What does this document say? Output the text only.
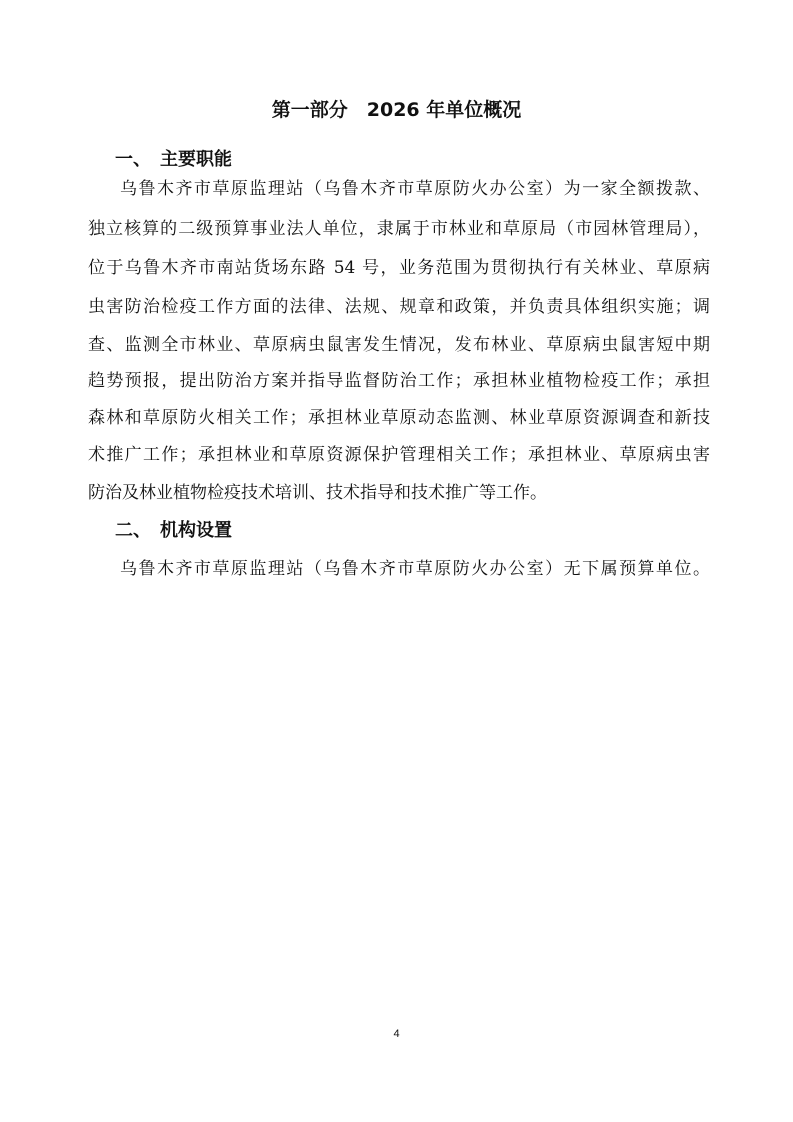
第一部分　2026 年单位概况
一、　主要职能
乌鲁木齐市草原监理站（乌鲁木齐市草原防火办公室）为一家全额拨款、
独立核算的二级预算事业法人单位，隶属于市林业和草原局（市园林管理局），
位于乌鲁木齐市南站货场东路 54 号，业务范围为贯彻执行有关林业、草原病
虫害防治检疫工作方面的法律、法规、规章和政策，并负责具体组织实施；调
查、监测全市林业、草原病虫鼠害发生情况，发布林业、草原病虫鼠害短中期
趋势预报，提出防治方案并指导监督防治工作；承担林业植物检疫工作；承担
森林和草原防火相关工作；承担林业草原动态监测、林业草原资源调查和新技
术推广工作；承担林业和草原资源保护管理相关工作；承担林业、草原病虫害
防治及林业植物检疫技术培训、技术指导和技术推广等工作。
二、　机构设置
乌鲁木齐市草原监理站（乌鲁木齐市草原防火办公室）无下属预算单位。
4
